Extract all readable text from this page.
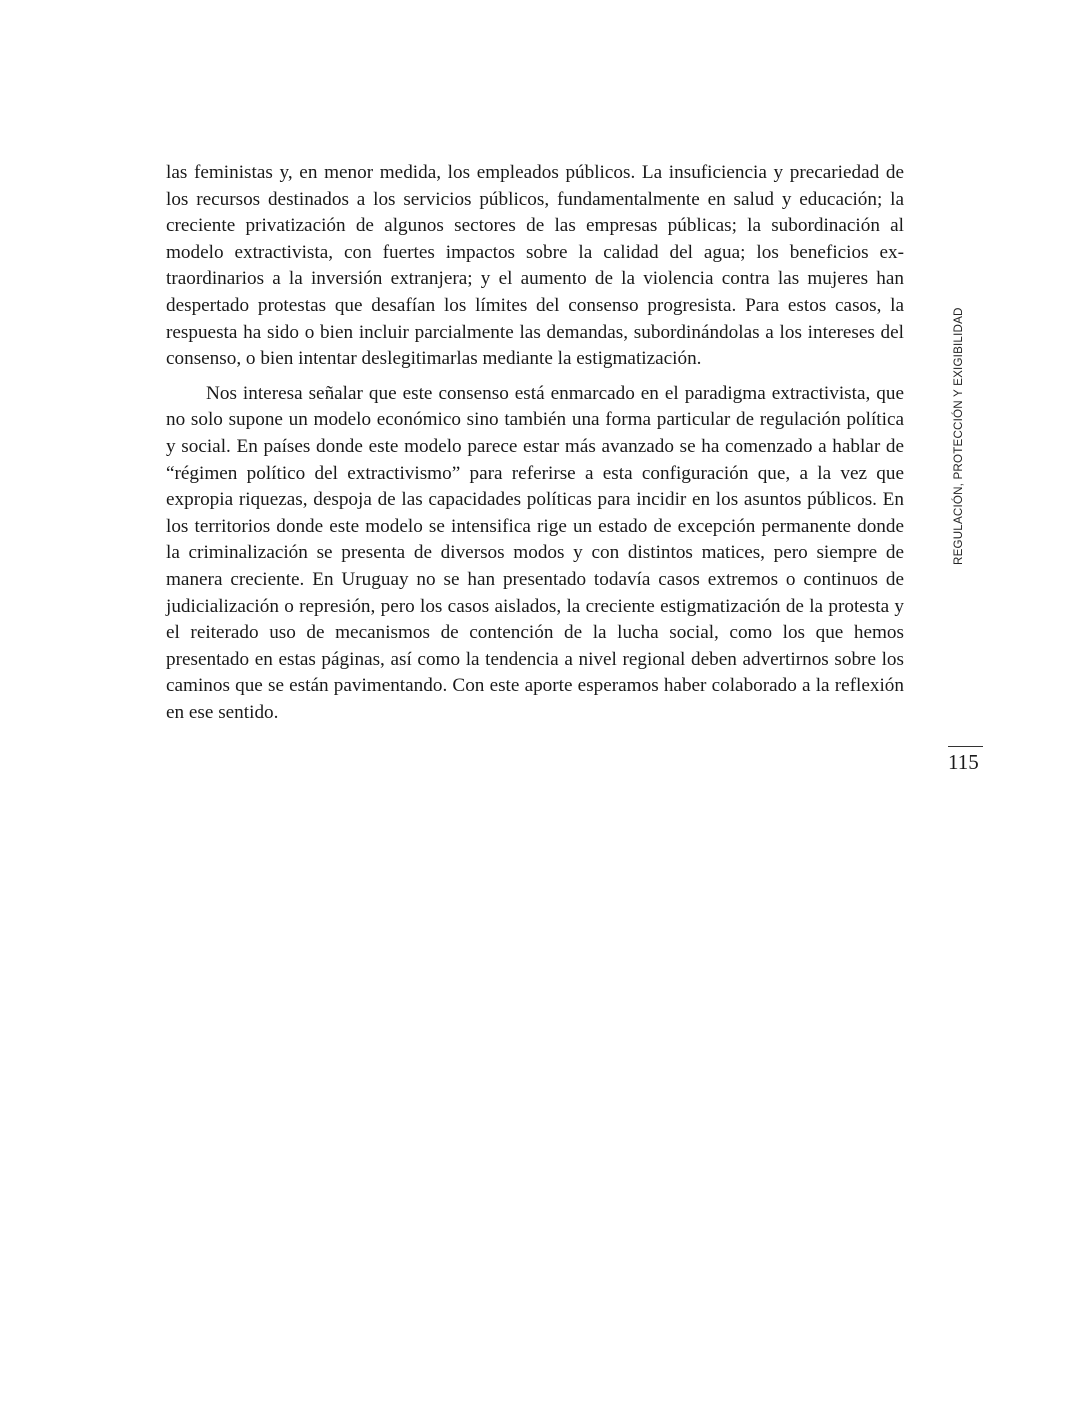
las feministas y, en menor medida, los empleados públicos. La insuficiencia y precariedad de los recursos destinados a los servicios públicos, fundamentalmente en salud y educación; la creciente privatización de algunos sectores de las empresas públicas; la subordinación al modelo extractivista, con fuertes impactos sobre la calidad del agua; los beneficios extraordinarios a la inversión extranjera; y el aumento de la violencia contra las mujeres han despertado protestas que desafían los límites del consenso progresista. Para estos casos, la respuesta ha sido o bien incluir parcialmente las demandas, subordinándolas a los intereses del consenso, o bien intentar deslegitimarlas mediante la estigmatización.

Nos interesa señalar que este consenso está enmarcado en el paradigma extractivista, que no solo supone un modelo económico sino también una forma particular de regulación política y social. En países donde este modelo parece estar más avanzado se ha comenzado a hablar de “régimen político del extractivismo” para referirse a esta configuración que, a la vez que expropia riquezas, despoja de las capacidades políticas para incidir en los asuntos públicos. En los territorios donde este modelo se intensifica rige un estado de excepción permanente donde la criminalización se presenta de diversos modos y con distintos matices, pero siempre de manera creciente. En Uruguay no se han presentado todavía casos extremos o continuos de judicialización o represión, pero los casos aislados, la creciente estigmatización de la protesta y el reiterado uso de mecanismos de contención de la lucha social, como los que hemos presentado en estas páginas, así como la tendencia a nivel regional deben advertirnos sobre los caminos que se están pavimentando. Con este aporte esperamos haber colaborado a la reflexión en ese sentido.

REGULACIÓN, PROTECCIÓN Y EXIGIBILIDAD
115
